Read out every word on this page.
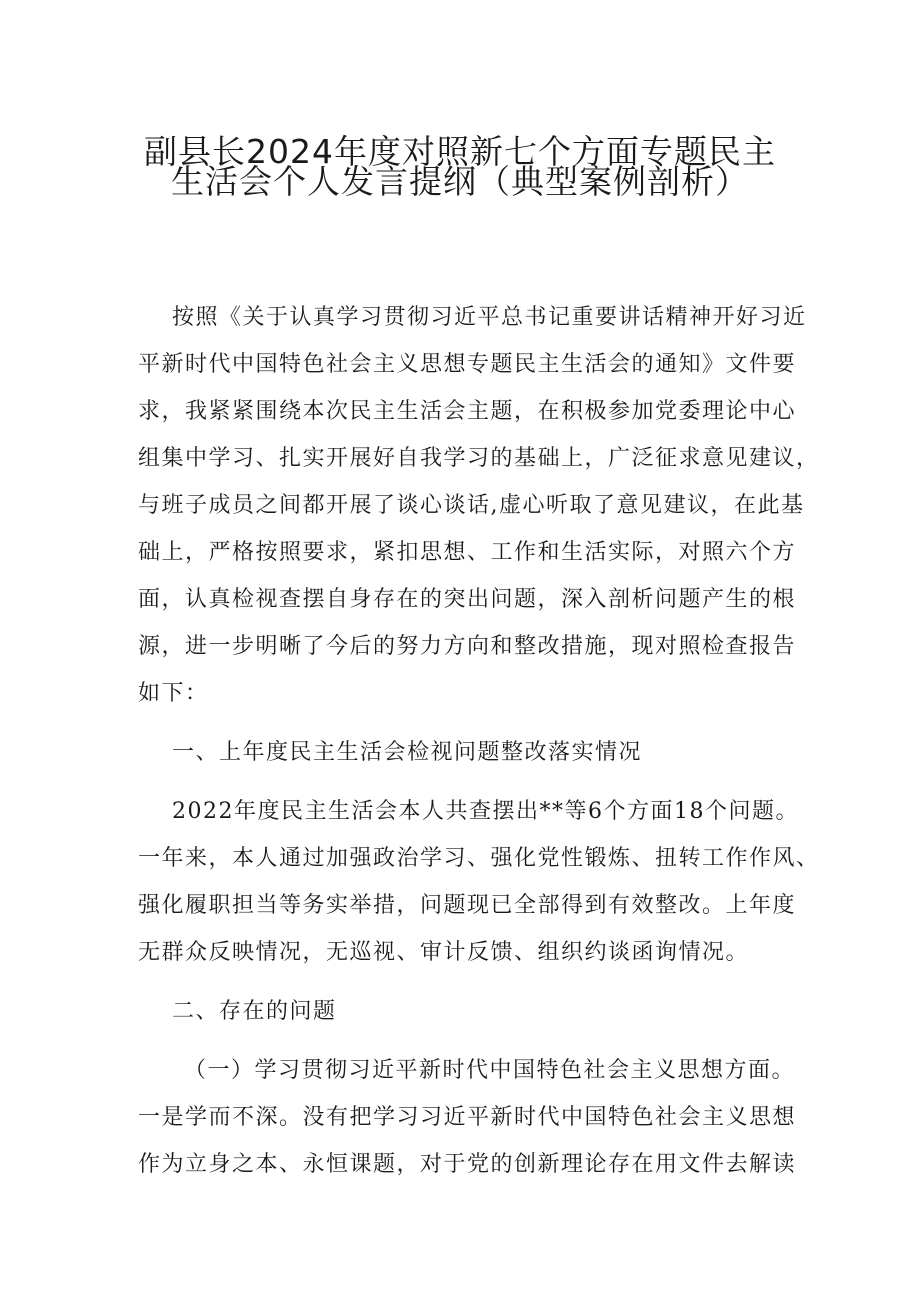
副县长2024年度对照新七个方面专题民主
生活会个人发言提纲（典型案例剖析）

按照《关于认真学习贯彻习近平总书记重要讲话精神开好习近

平新时代中国特色社会主义思想专题民主生活会的通知》文件要

求，我紧紧围绕本次民主生活会主题，在积极参加党委理论中心

组集中学习、扎实开展好自我学习的基础上，广泛征求意见建议，

与班子成员之间都开展了谈心谈话,虚心听取了意见建议，在此基

础上，严格按照要求，紧扣思想、工作和生活实际，对照六个方

面，认真检视查摆自身存在的突出问题，深入剖析问题产生的根

源，进一步明晰了今后的努力方向和整改措施，现对照检查报告

如下：

一、上年度民主生活会检视问题整改落实情况

2022年度民主生活会本人共查摆出**等6个方面18个问题。

一年来，本人通过加强政治学习、强化党性锻炼、扭转工作作风、

强化履职担当等务实举措，问题现已全部得到有效整改。上年度

无群众反映情况，无巡视、审计反馈、组织约谈函询情况。

二、存在的问题

（一）学习贯彻习近平新时代中国特色社会主义思想方面。

一是学而不深。没有把学习习近平新时代中国特色社会主义思想

作为立身之本、永恒课题，对于党的创新理论存在用文件去解读
